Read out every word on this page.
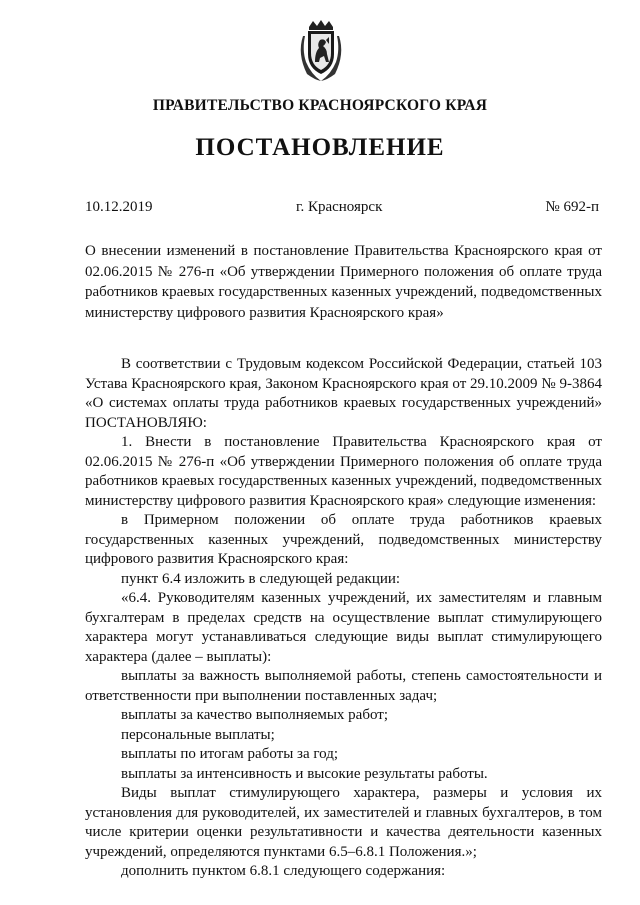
ПРАВИТЕЛЬСТВО КРАСНОЯРСКОГО КРАЯ
ПОСТАНОВЛЕНИЕ
10.12.2019	г. Красноярск	№ 692-п

О внесении изменений в постановление Правительства Красноярского края от 02.06.2015 № 276-п «Об утверждении Примерного положения об оплате труда работников краевых государственных казенных учреждений, подведомственных министерству цифрового развития Красноярского края»

В соответствии с Трудовым кодексом Российской Федерации, статьей 103 Устава Красноярского края, Законом Красноярского края от 29.10.2009 № 9-3864 «О системах оплаты труда работников краевых государственных учреждений» ПОСТАНОВЛЯЮ:

1. Внести в постановление Правительства Красноярского края от 02.06.2015 № 276-п «Об утверждении Примерного положения об оплате труда работников краевых государственных казенных учреждений, подведомственных министерству цифрового развития Красноярского края» следующие изменения:

в Примерном положении об оплате труда работников краевых государственных казенных учреждений, подведомственных министерству цифрового развития Красноярского края:

пункт 6.4 изложить в следующей редакции:

«6.4. Руководителям казенных учреждений, их заместителям и главным бухгалтерам в пределах средств на осуществление выплат стимулирующего характера могут устанавливаться следующие виды выплат стимулирующего характера (далее – выплаты):

выплаты за важность выполняемой работы, степень самостоятельности и ответственности при выполнении поставленных задач;

выплаты за качество выполняемых работ;

персональные выплаты;

выплаты по итогам работы за год;

выплаты за интенсивность и высокие результаты работы.

Виды выплат стимулирующего характера, размеры и условия их установления для руководителей, их заместителей и главных бухгалтеров, в том числе критерии оценки результативности и качества деятельности казенных учреждений, определяются пунктами 6.5–6.8.1 Положения.»;

дополнить пунктом 6.8.1 следующего содержания:
